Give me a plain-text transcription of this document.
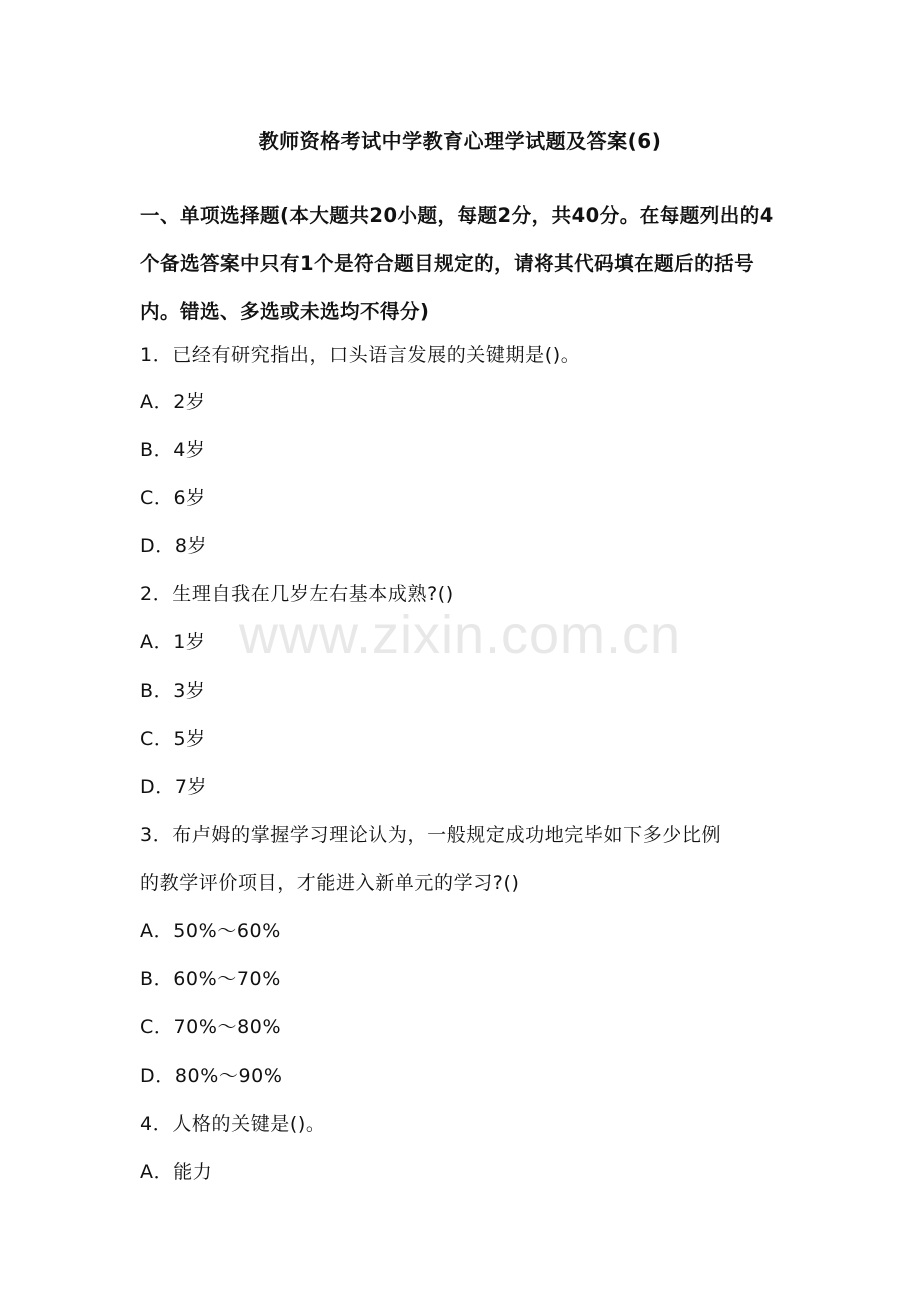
教师资格考试中学教育心理学试题及答案(6)
一、单项选择题(本大题共20小题，每题2分，共40分。在每题列出的4个备选答案中只有1个是符合题目规定的，请将其代码填在题后的括号内。错选、多选或未选均不得分)
1．已经有研究指出，口头语言发展的关键期是()。
A．2岁
B．4岁
C．6岁
D．8岁
2．生理自我在几岁左右基本成熟?()
A．1岁
B．3岁
C．5岁
D．7岁
3．布卢姆的掌握学习理论认为，一般规定成功地完毕如下多少比例
的教学评价项目，才能进入新单元的学习?()
A．50%～60%
B．60%～70%
C．70%～80%
D．80%～90%
4．人格的关键是()。
A．能力
www.zixin.com.cn
